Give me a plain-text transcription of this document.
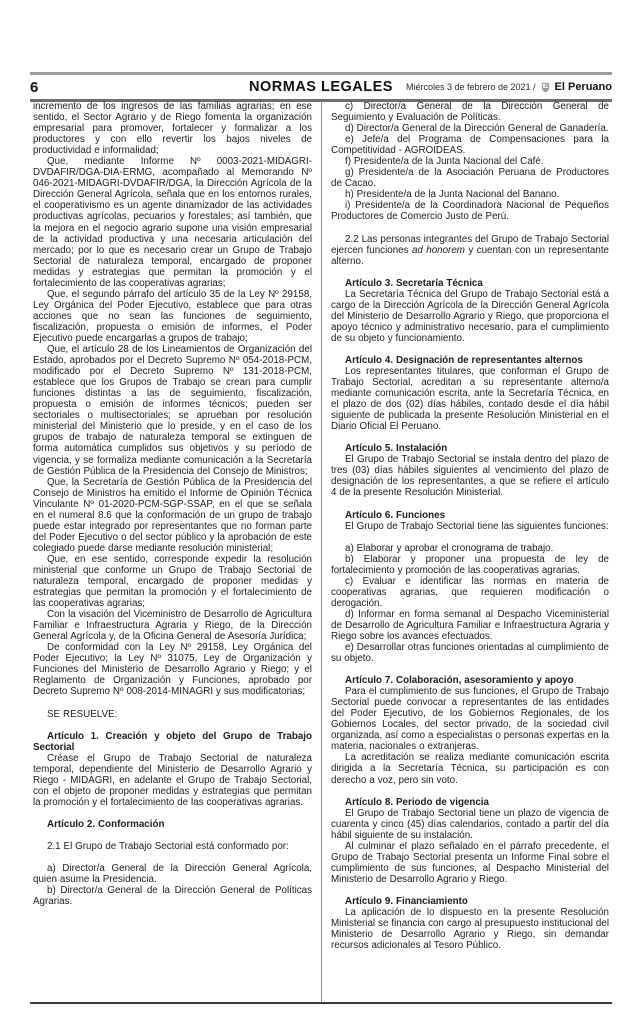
6	NORMAS LEGALES	Miércoles 3 de febrero de 2021 / El Peruano

incremento de los ingresos de las familias agrarias; en ese sentido, el Sector Agrario y de Riego fomenta la organización empresarial para promover, fortalecer y formalizar a los productores y con ello revertir los bajos niveles de productividad e informalidad;

Que, mediante Informe Nº 0003-2021-MIDAGRI-DVDAFIR/DGA-DIA-ERMG, acompañado al Memorando Nº 046-2021-MIDAGRI-DVDAFIR/DGA, la Dirección Agrícola de la Dirección General Agrícola, señala que en los entornos rurales, el cooperativismo es un agente dinamizador de las actividades productivas agrícolas, pecuarios y forestales; así también, que la mejora en el negocio agrario supone una visión empresarial de la actividad productiva y una necesaria articulación del mercado; por lo que es necesario crear un Grupo de Trabajo Sectorial de naturaleza temporal, encargado de proponer medidas y estrategias que permitan la promoción y el fortalecimiento de las cooperativas agrarias;

Que, el segundo párrafo del artículo 35 de la Ley Nº 29158, Ley Orgánica del Poder Ejecutivo, establece que para otras acciones que no sean las funciones de seguimiento, fiscalización, propuesta o emisión de informes, el Poder Ejecutivo puede encargarlas a grupos de trabajo;

Que, el artículo 28 de los Lineamientos de Organización del Estado, aprobados por el Decreto Supremo Nº 054-2018-PCM, modificado por el Decreto Supremo Nº 131-2018-PCM, establece que los Grupos de Trabajo se crean para cumplir funciones distintas a las de seguimiento, fiscalización, propuesta o emisión de informes técnicos; pueden ser sectoriales o multisectoriales; se aprueban por resolución ministerial del Ministerio que lo preside, y en el caso de los grupos de trabajo de naturaleza temporal se extinguen de forma automática cumplidos sus objetivos y su período de vigencia, y se formaliza mediante comunicación a la Secretaría de Gestión Pública de la Presidencia del Consejo de Ministros;

Que, la Secretaría de Gestión Pública de la Presidencia del Consejo de Ministros ha emitido el Informe de Opinión Técnica Vinculante Nº 01-2020-PCM-SGP-SSAP, en el que se señala en el numeral 8.6 que la conformación de un grupo de trabajo puede estar integrado por representantes que no forman parte del Poder Ejecutivo o del sector público y la aprobación de este colegiado puede darse mediante resolución ministerial;

Que, en ese sentido, corresponde expedir la resolución ministerial que conforme un Grupo de Trabajo Sectorial de naturaleza temporal, encargado de proponer medidas y estrategias que permitan la promoción y el fortalecimiento de las cooperativas agrarias;

Con la visación del Viceministro de Desarrollo de Agricultura Familiar e Infraestructura Agraria y Riego, de la Dirección General Agrícola y, de la Oficina General de Asesoría Jurídica;

De conformidad con la Ley Nº 29158, Ley Orgánica del Poder Ejecutivo; la Ley Nº 31075, Ley de Organización y Funciones del Ministerio de Desarrollo Agrario y Riego; y el Reglamento de Organización y Funciones, aprobado por Decreto Supremo Nº 008-2014-MINAGRI y sus modificatorias;

SE RESUELVE:

Artículo 1. Creación y objeto del Grupo de Trabajo Sectorial

Créase el Grupo de Trabajo Sectorial de naturaleza temporal, dependiente del Ministerio de Desarrollo Agrario y Riego - MIDAGRI, en adelante el Grupo de Trabajo Sectorial, con el objeto de proponer medidas y estrategias que permitan la promoción y el fortalecimiento de las cooperativas agrarias.

Artículo 2. Conformación

2.1 El Grupo de Trabajo Sectorial está conformado por:

a) Director/a General de la Dirección General Agrícola, quien asume la Presidencia.

b) Director/a General de la Dirección General de Políticas Agrarias.

c) Director/a General de la Dirección General de Seguimiento y Evaluación de Políticas.

d) Director/a General de la Dirección General de Ganadería.

e) Jefe/a del Programa de Compensaciones para la Competitividad - AGROIDEAS.

f) Presidente/a de la Junta Nacional del Café.

g) Presidente/a de la Asociación Peruana de Productores de Cacao.

h) Presidente/a de la Junta Nacional del Banano.

i) Presidente/a de la Coordinadora Nacional de Pequeños Productores de Comercio Justo de Perú.

2.2 Las personas integrantes del Grupo de Trabajo Sectorial ejercen funciones ad honorem y cuentan con un representante alterno.

Artículo 3. Secretaría Técnica

La Secretaría Técnica del Grupo de Trabajo Sectorial está a cargo de la Dirección Agrícola de la Dirección General Agrícola del Ministerio de Desarrollo Agrario y Riego, que proporciona el apoyo técnico y administrativo necesario, para el cumplimiento de su objeto y funcionamiento.

Artículo 4. Designación de representantes alternos

Los representantes titulares, que conforman el Grupo de Trabajo Sectorial, acreditan a su representante alterno/a mediante comunicación escrita, ante la Secretaría Técnica, en el plazo de dos (02) días hábiles, contado desde el día hábil siguiente de publicada la presente Resolución Ministerial en el Diario Oficial El Peruano.

Artículo 5. Instalación

El Grupo de Trabajo Sectorial se instala dentro del plazo de tres (03) días hábiles siguientes al vencimiento del plazo de designación de los representantes, a que se refiere el artículo 4 de la presente Resolución Ministerial.

Artículo 6. Funciones

El Grupo de Trabajo Sectorial tiene las siguientes funciones:

a) Elaborar y aprobar el cronograma de trabajo.

b) Elaborar y proponer una propuesta de ley de fortalecimiento y promoción de las cooperativas agrarias.

c) Evaluar e identificar las normas en materia de cooperativas agrarias, que requieren modificación o derogación.

d) Informar en forma semanal al Despacho Viceministerial de Desarrollo de Agricultura Familiar e Infraestructura Agraria y Riego sobre los avances efectuados.

e) Desarrollar otras funciones orientadas al cumplimiento de su objeto.

Artículo 7. Colaboración, asesoramiento y apoyo

Para el cumplimiento de sus funciones, el Grupo de Trabajo Sectorial puede convocar a representantes de las entidades del Poder Ejecutivo, de los Gobiernos Regionales, de los Gobiernos Locales, del sector privado, de la sociedad civil organizada, así como a especialistas o personas expertas en la materia, nacionales o extranjeras.

La acreditación se realiza mediante comunicación escrita dirigida a la Secretaría Técnica, su participación es con derecho a voz, pero sin voto.

Artículo 8. Periodo de vigencia

El Grupo de Trabajo Sectorial tiene un plazo de vigencia de cuarenta y cinco (45) días calendarios, contado a partir del día hábil siguiente de su instalación.

Al culminar el plazo señalado en el párrafo precedente, el Grupo de Trabajo Sectorial presenta un Informe Final sobre el cumplimiento de sus funciones, al Despacho Ministerial del Ministerio de Desarrollo Agrario y Riego.

Artículo 9. Financiamiento

La aplicación de lo dispuesto en la presente Resolución Ministerial se financia con cargo al presupuesto institucional del Ministerio de Desarrollo Agrario y Riego, sin demandar recursos adicionales al Tesoro Público.
